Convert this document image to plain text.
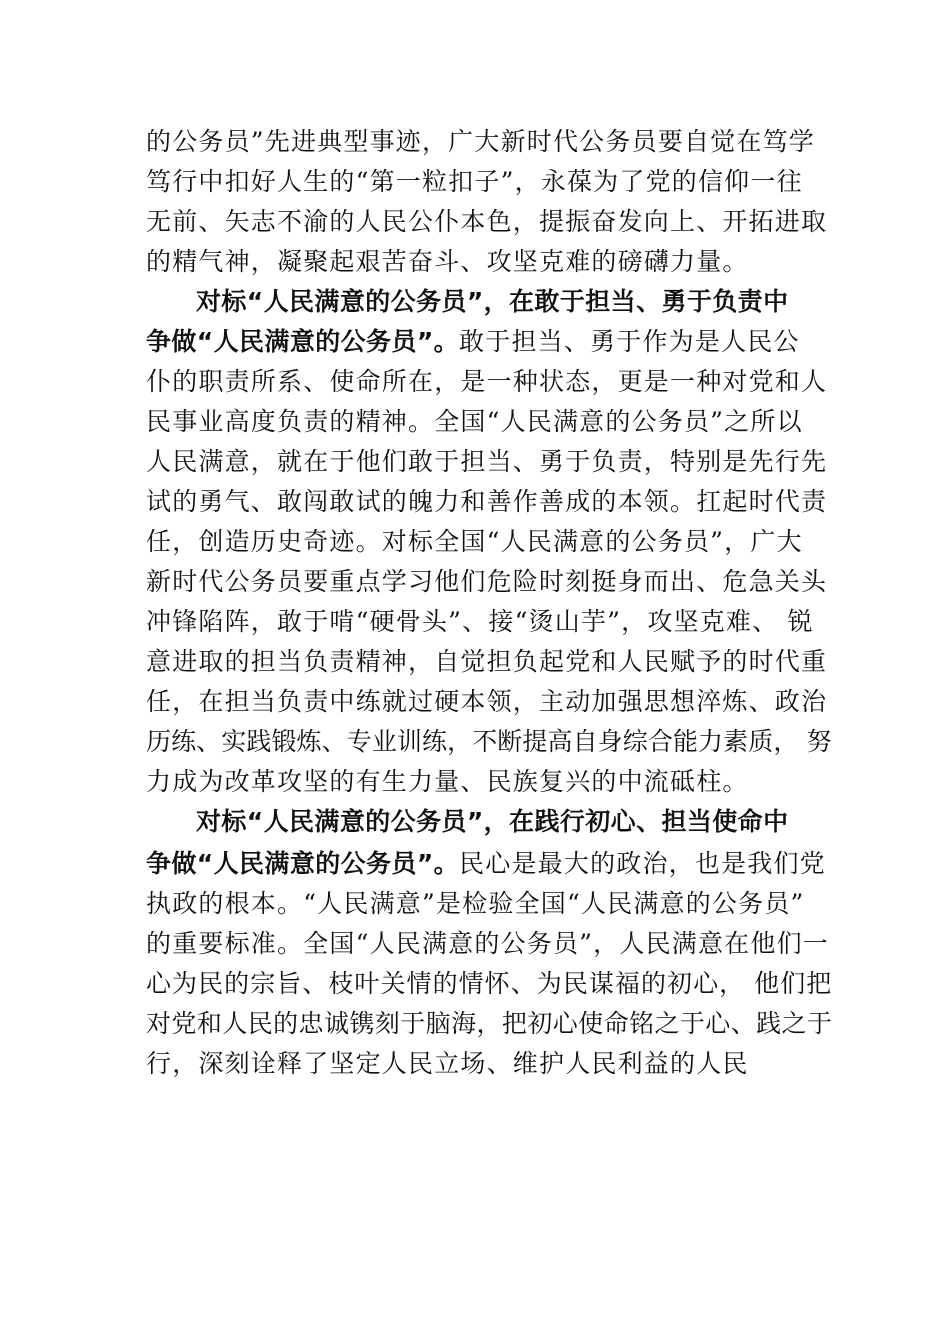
的公务员”先进典型事迹，广大新时代公务员要自觉在笃学
笃行中扣好人生的“第一粒扣子”，永葆为了党的信仰一往
无前、矢志不渝的人民公仆本色，提振奋发向上、开拓进取
的精气神，凝聚起艰苦奋斗、攻坚克难的磅礴力量。
对标“人民满意的公务员”，在敢于担当、勇于负责中
争做“人民满意的公务员”。敢于担当、勇于作为是人民公
仆的职责所系、使命所在，是一种状态，更是一种对党和人
民事业高度负责的精神。全国“人民满意的公务员”之所以
人民满意，就在于他们敢于担当、勇于负责，特别是先行先
试的勇气、敢闯敢试的魄力和善作善成的本领。扛起时代责
任，创造历史奇迹。对标全国“人民满意的公务员”，广大
新时代公务员要重点学习他们危险时刻挺身而出、危急关头
冲锋陷阵，敢于啃“硬骨头”、接“烫山芋”，攻坚克难、 锐
意进取的担当负责精神，自觉担负起党和人民赋予的时代重
任，在担当负责中练就过硬本领，主动加强思想淬炼、政治
历练、实践锻炼、专业训练，不断提高自身综合能力素质， 努
力成为改革攻坚的有生力量、民族复兴的中流砥柱。
对标“人民满意的公务员”，在践行初心、担当使命中
争做“人民满意的公务员”。民心是最大的政治，也是我们党
执政的根本。“人民满意”是检验全国“人民满意的公务员”
的重要标准。全国“人民满意的公务员”，人民满意在他们一
心为民的宗旨、枝叶关情的情怀、为民谋福的初心， 他们把
对党和人民的忠诚镌刻于脑海，把初心使命铭之于心、践之于
行，深刻诠释了坚定人民立场、维护人民利益的人民
